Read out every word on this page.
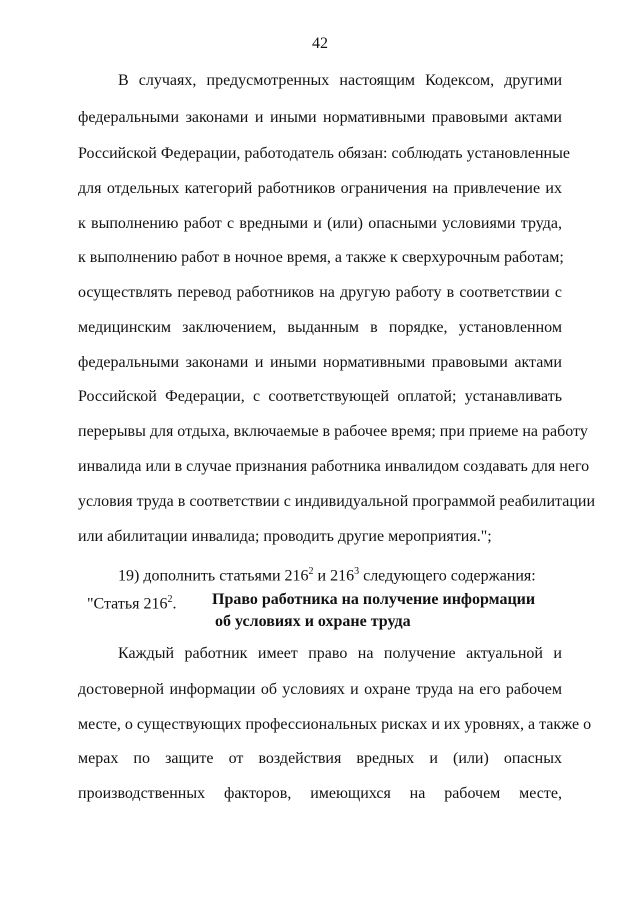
42
В случаях, предусмотренных настоящим Кодексом, другими
федеральными законами и иными нормативными правовыми актами
Российской Федерации, работодатель обязан: соблюдать установленные
для отдельных категорий работников ограничения на привлечение их
к выполнению работ с вредными и (или) опасными условиями труда,
к выполнению работ в ночное время, а также к сверхурочным работам;
осуществлять перевод работников на другую работу в соответствии с
медицинским заключением, выданным в порядке, установленном
федеральными законами и иными нормативными правовыми актами
Российской Федерации, с соответствующей оплатой; устанавливать
перерывы для отдыха, включаемые в рабочее время; при приеме на работу
инвалида или в случае признания работника инвалидом создавать для него
условия труда в соответствии с индивидуальной программой реабилитации
или абилитации инвалида; проводить другие мероприятия.";
19) дополнить статьями $216^2$ и $216^3$ следующего содержания:
"Статья $216^2$. Право работника на получение информации
об условиях и охране труда
Каждый работник имеет право на получение актуальной и
достоверной информации об условиях и охране труда на его рабочем
месте, о существующих профессиональных рисках и их уровнях, а также о
мерах по защите от воздействия вредных и (или) опасных
производственных факторов, имеющихся на рабочем месте,
